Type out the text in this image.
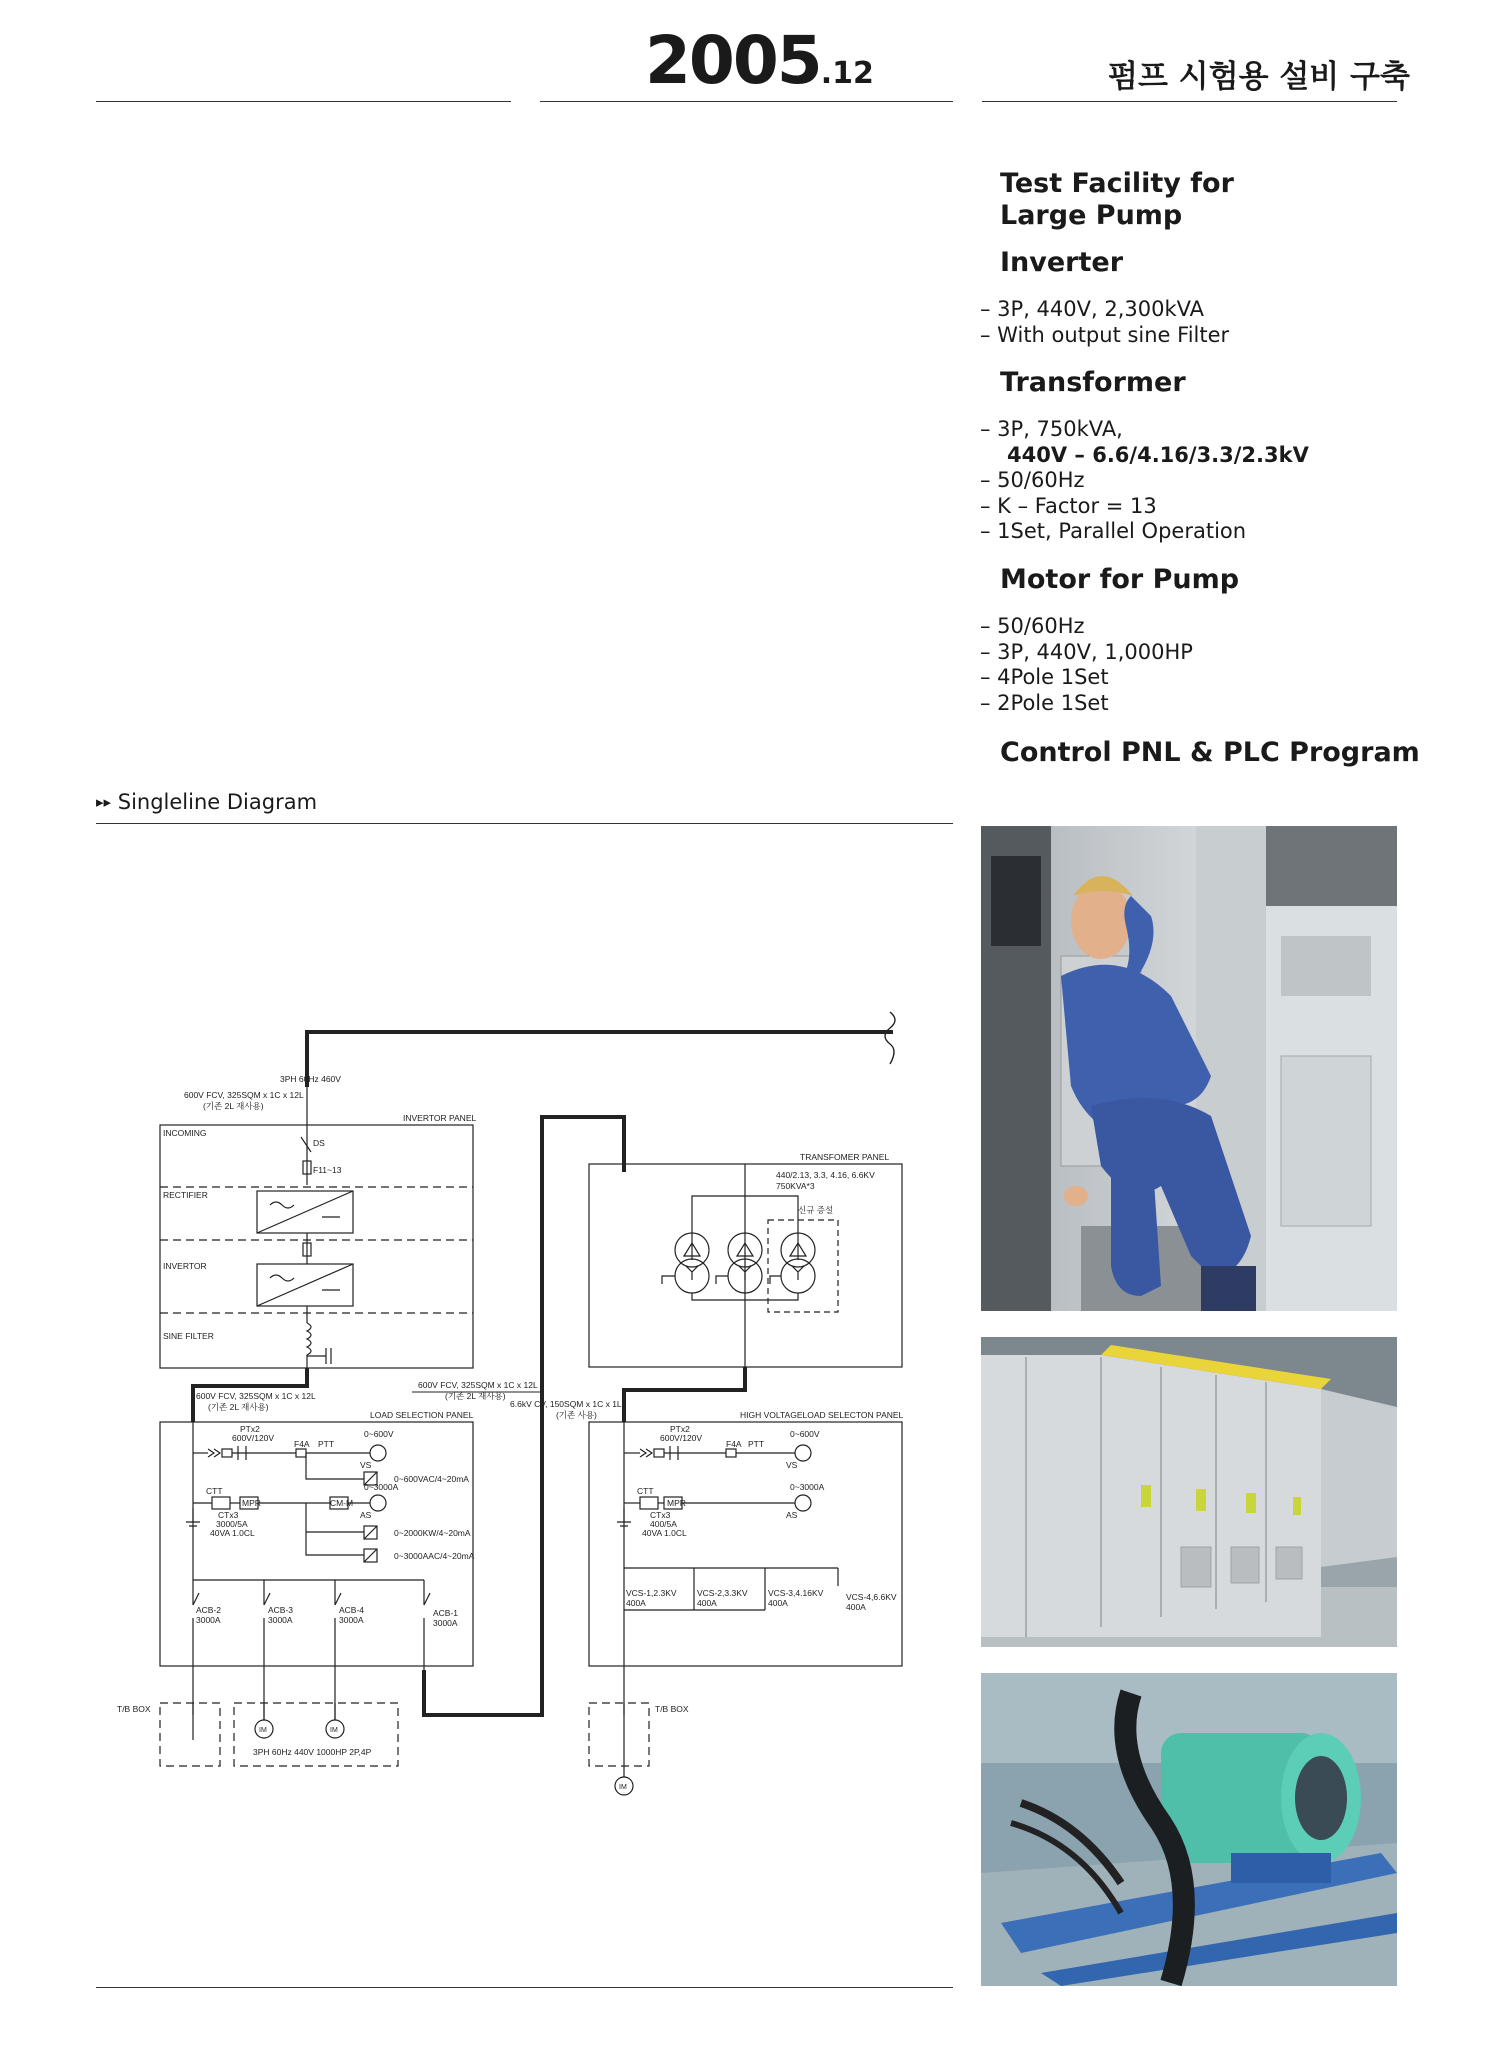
2005.12	펌프 시험용 설비 구축
Test Facility for
Large Pump
Inverter
– 3P, 440V, 2,300kVA
– With output sine Filter
Transformer
– 3P, 750kVA,
440V – 6.6/4.16/3.3/2.3kV
– 50/60Hz
– K – Factor = 13
– 1Set, Parallel Operation
Motor for Pump
– 50/60Hz
– 3P, 440V, 1,000HP
– 4Pole 1Set
– 2Pole 1Set
Control PNL & PLC Program
▸▸ Singleline Diagram
3PH 60Hz 460V
600V FCV, 325SQM x 1C x 12L
(기존 2L 재사용)
INVERTOR PANEL
INCOMING
DS
F11~13
RECTIFIER
INVERTOR
SINE FILTER
TRANSFOMER PANEL
440/2.13, 3.3, 4.16, 6.6KV
750KVA*3
신규 증설
600V FCV, 325SQM x 1C x 12L
(기존 2L 재사용)
600V FCV, 325SQM x 1C x 12L
(기존 2L 재사용)	6.6kV CV, 150SQM x 1C x 1L
(기존 사용)
LOAD SELECTION PANEL	HIGH VOLTAGELOAD SELECTON PANEL
PTx2
600V/120V
F4A PTT
0~600V
VS
0~600VAC/4~20mA
0~3000A
AS
CTT
MPR	CM-M
CTx3
3000/5A
40VA 1.0CL	0~2000KW/4~20mA
0~3000AAC/4~20mA
ACB-2
3000A
ACB-3
3000A
ACB-4
3000A
ACB-1
3000A
PTx2
600V/120V
F4A PTT
0~600V
VS
0~3000A
AS
CTT
MPR
CTx3
400/5A
40VA 1.0CL
VCS-1,2.3KV
400A
VCS-2,3.3KV
400A
VCS-3,4.16KV
400A
VCS-4,6.6KV
400A
T/B BOX	T/B BOX
3PH 60Hz 440V 1000HP 2P,4P
IM	IM
IM
